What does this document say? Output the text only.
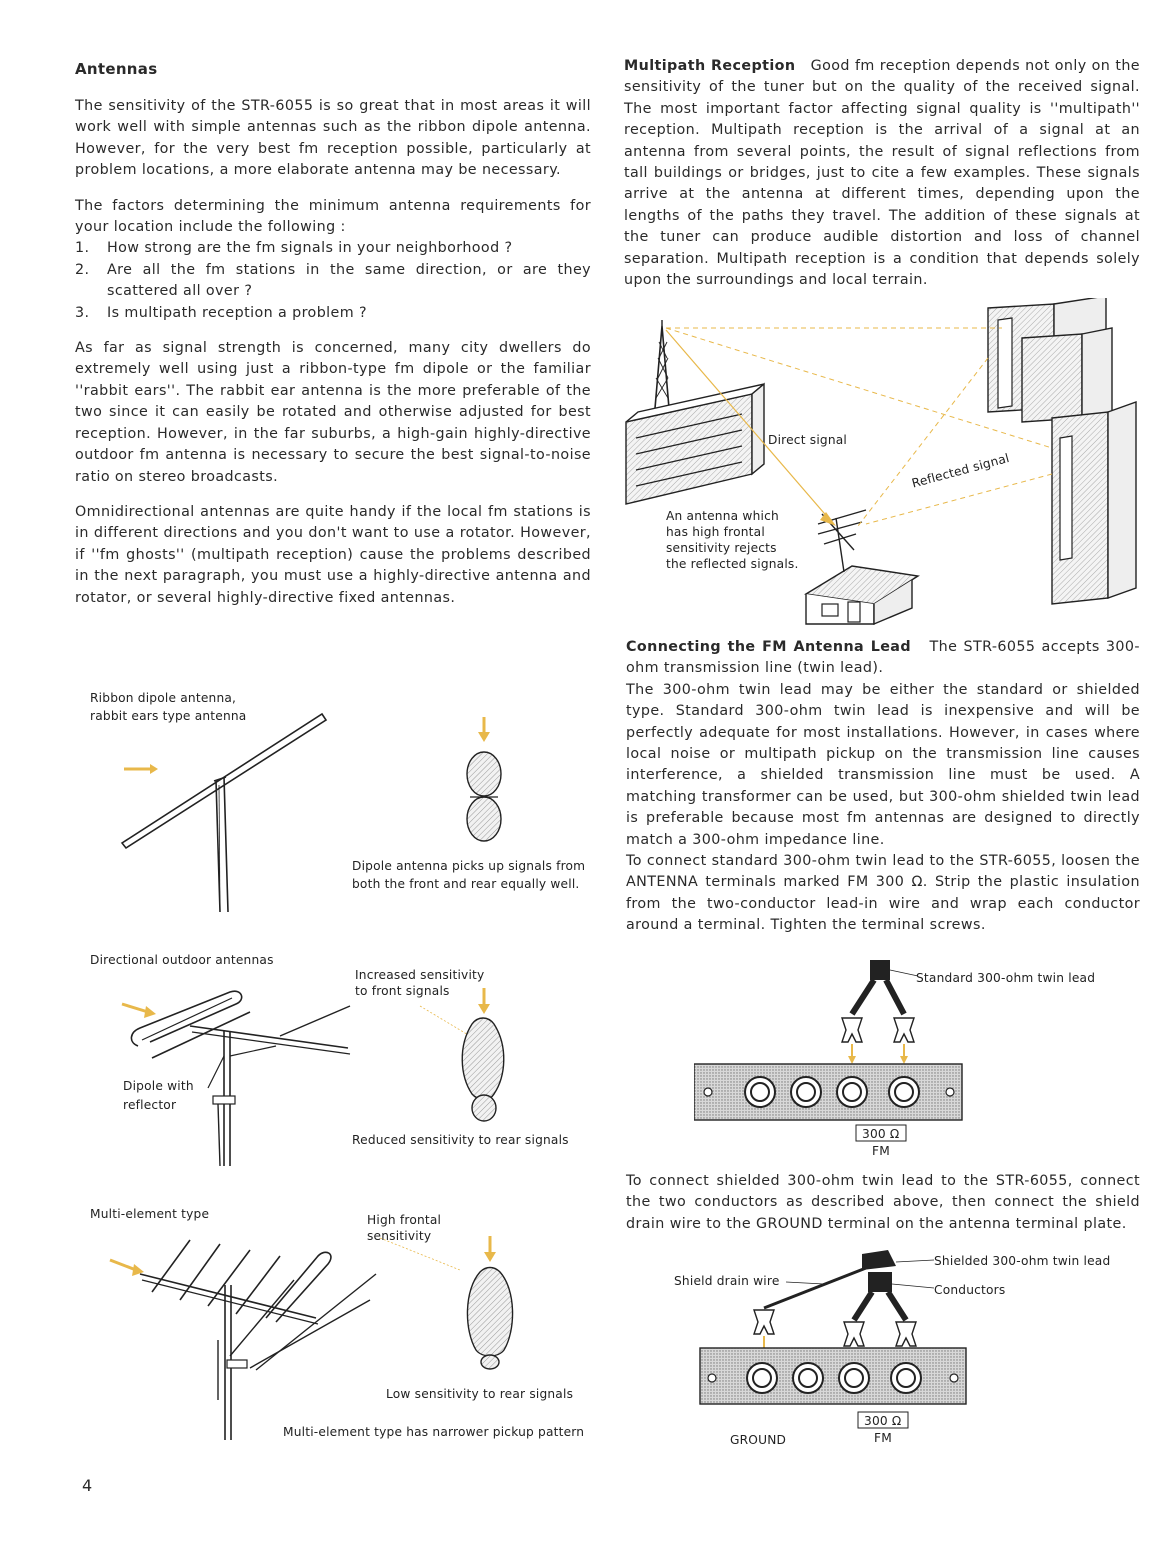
Antennas

The sensitivity of the STR-6055 is so great that in most areas it will work well with simple antennas such as the ribbon dipole antenna. However, for the very best fm reception possible, particularly at problem locations, a more elaborate antenna may be necessary.

The factors determining the minimum antenna requirements for your location include the following :

1. How strong are the fm signals in your neighborhood ?
2. Are all the fm stations in the same direction, or are they scattered all over ?
3. Is multipath reception a problem ?

As far as signal strength is concerned, many city dwellers do extremely well using just a ribbon-type fm dipole or the familiar ''rabbit ears''. The rabbit ear antenna is the more preferable of the two since it can easily be rotated and otherwise adjusted for best reception. However, in the far suburbs, a high-gain highly-directive outdoor fm antenna is necessary to secure the best signal-to-noise ratio on stereo broadcasts.

Omnidirectional antennas are quite handy if the local fm stations is in different directions and you don't want to use a rotator. However, if ''fm ghosts'' (multipath reception) cause the problems described in the next paragraph, you must use a highly-directive antenna and rotator, or several highly-directive fixed antennas.

Multipath Reception Good fm reception depends not only on the sensitivity of the tuner but on the quality of the received signal. The most important factor affecting signal quality is ''multipath'' reception. Multipath reception is the arrival of a signal at an antenna from several points, the result of signal reflections from tall buildings or bridges, just to cite a few examples. These signals arrive at the antenna at different times, depending upon the lengths of the paths they travel. The addition of these signals at the tuner can produce audible distortion and loss of channel separation. Multipath reception is a condition that depends solely upon the surroundings and local terrain.

Connecting the FM Antenna Lead The STR-6055 accepts 300-ohm transmission line (twin lead).

The 300-ohm twin lead may be either the standard or shielded type. Standard 300-ohm twin lead is inexpensive and will be perfectly adequate for most installations. However, in cases where local noise or multipath pickup on the transmission line causes interference, a shielded transmission line must be used. A matching transformer can be used, but 300-ohm shielded twin lead is preferable because most fm antennas are designed to directly match a 300-ohm impedance line.

To connect standard 300-ohm twin lead to the STR-6055, loosen the ANTENNA terminals marked FM 300 Ω. Strip the plastic insulation from the two-conductor lead-in wire and wrap each conductor around a terminal. Tighten the terminal screws.

To connect shielded 300-ohm twin lead to the STR-6055, connect the two conductors as described above, then connect the shield drain wire to the GROUND terminal on the antenna terminal plate.

Ribbon dipole antenna,
rabbit ears type antenna
Dipole antenna picks up signals from
both the front and rear equally well.
Directional outdoor antennas
Increased sensitivity
to front signals
Dipole with
reflector
Reduced sensitivity to rear signals
Multi-element type	High frontal
sensitivity
Low sensitivity to rear signals
Multi-element type has narrower pickup pattern
Direct signal
Reflected signal
An antenna which
has high frontal
sensitivity rejects
the reflected signals.
Standard 300-ohm twin lead
300 Ω
FM
Shielded 300-ohm twin lead
Shield drain wire
Conductors
300 Ω
FM
GROUND
4
